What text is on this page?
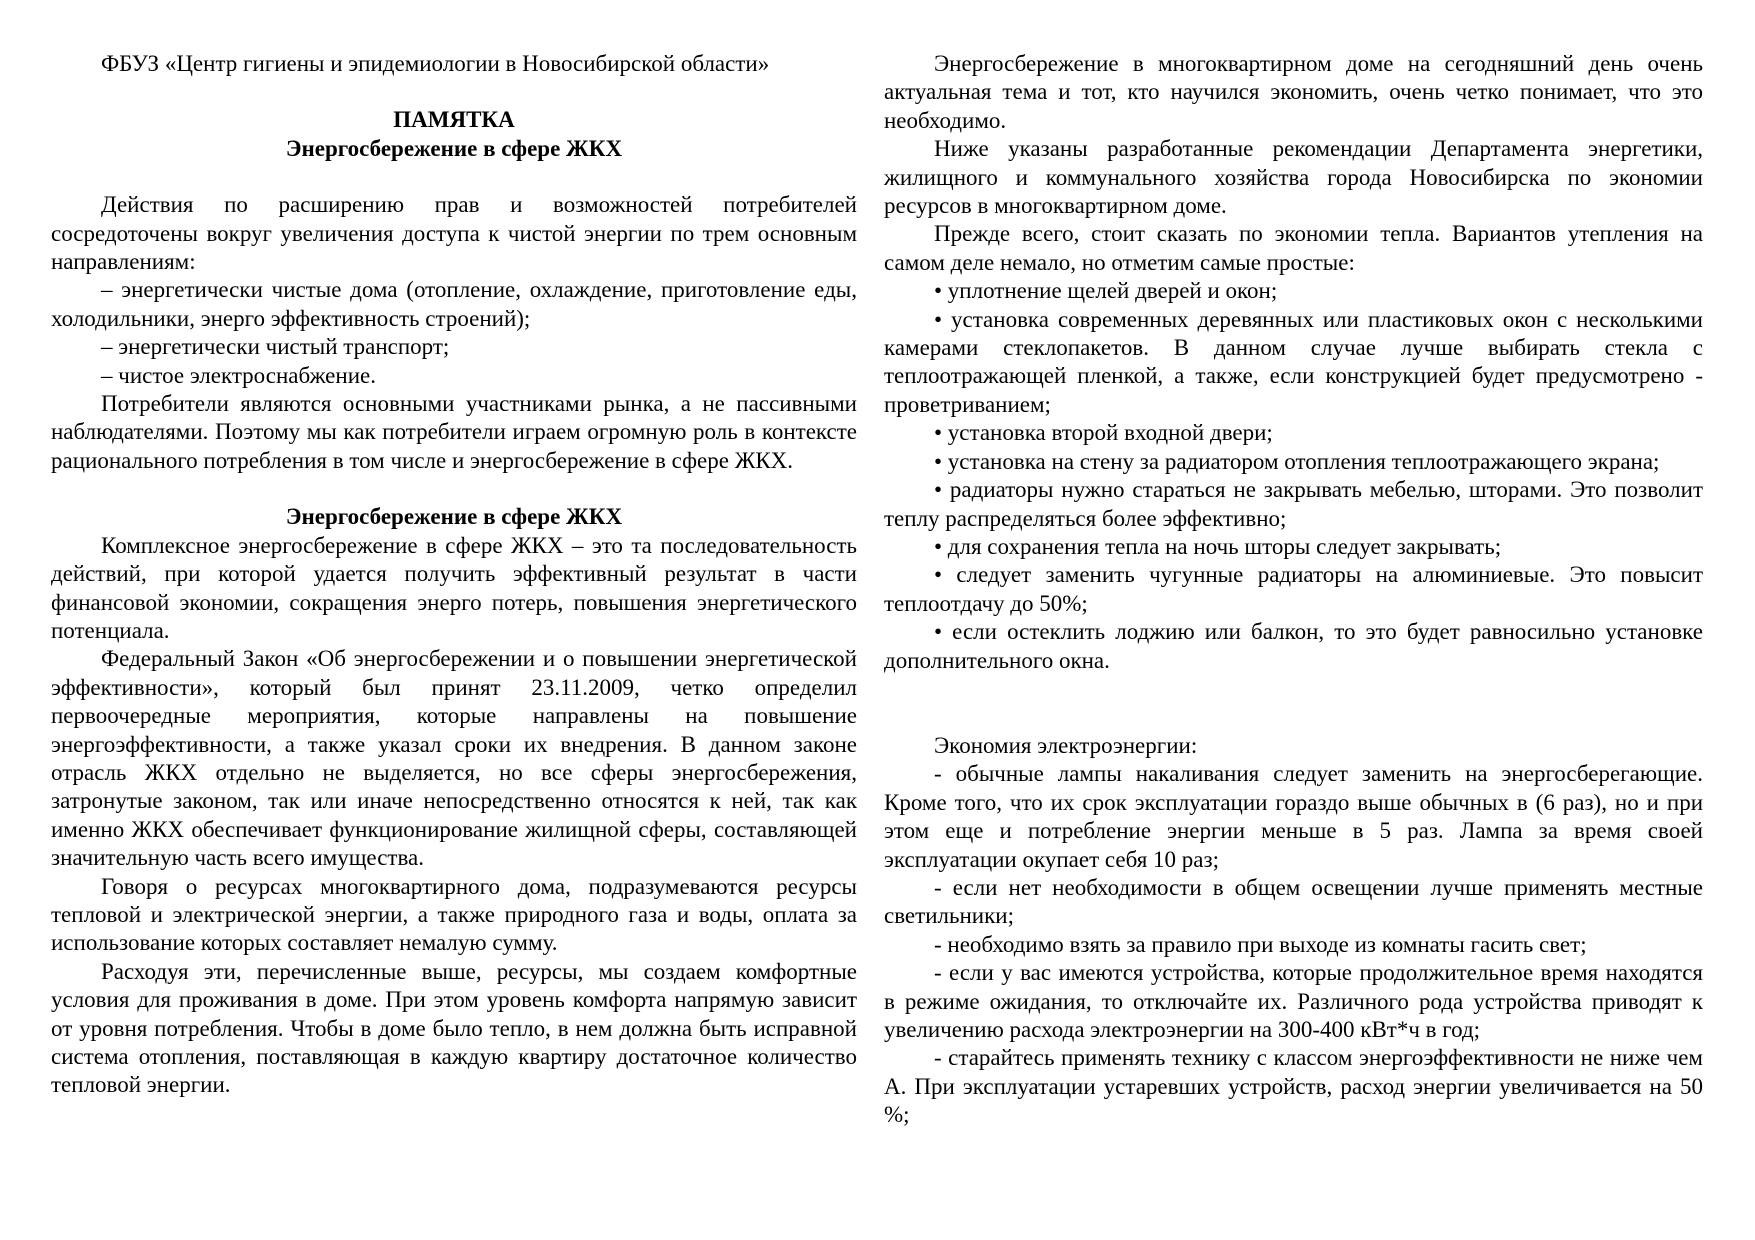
ФБУЗ «Центр гигиены и эпидемиологии в Новосибирской области»

ПАМЯТКА

Энергосбережение в сфере ЖКХ

Действия по расширению прав и возможностей потребителей сосредоточены вокруг увеличения доступа к чистой энергии по трем основным направлениям:

– энергетически чистые дома (отопление, охлаждение, приготовление еды, холодильники, энерго эффективность строений);

– энергетически чистый транспорт;

– чистое электроснабжение.

Потребители являются основными участниками рынка, а не пассивными наблюдателями. Поэтому мы как потребители играем огромную роль в контексте рационального потребления в том числе и энергосбережение в сфере ЖКХ.

Энергосбережение в сфере ЖКХ

Комплексное энергосбережение в сфере ЖКХ – это та последовательность действий, при которой удается получить эффективный результат в части финансовой экономии, сокращения энерго потерь, повышения энергетического потенциала.

Федеральный Закон «Об энергосбережении и о повышении энергетической эффективности», который был принят 23.11.2009, четко определил первоочередные мероприятия, которые направлены на повышение энергоэффективности, а также указал сроки их внедрения. В данном законе отрасль ЖКХ отдельно не выделяется, но все сферы энергосбережения, затронутые законом, так или иначе непосредственно относятся к ней, так как именно ЖКХ обеспечивает функционирование жилищной сферы, составляющей значительную часть всего имущества.

Говоря о ресурсах многоквартирного дома, подразумеваются ресурсы тепловой и электрической энергии, а также природного газа и воды, оплата за использование которых составляет немалую сумму.

Расходуя эти, перечисленные выше, ресурсы, мы создаем комфортные условия для проживания в доме. При этом уровень комфорта напрямую зависит от уровня потребления. Чтобы в доме было тепло, в нем должна быть исправной система отопления, поставляющая в каждую квартиру достаточное количество тепловой энергии.

Энергосбережение в многоквартирном доме на сегодняшний день очень актуальная тема и тот, кто научился экономить, очень четко понимает, что это необходимо.

Ниже указаны разработанные рекомендации Департамента энергетики, жилищного и коммунального хозяйства города Новосибирска по экономии ресурсов в многоквартирном доме.

Прежде всего, стоит сказать по экономии тепла. Вариантов утепления на самом деле немало, но отметим самые простые:

• уплотнение щелей дверей и окон;

• установка современных деревянных или пластиковых окон с несколькими камерами стеклопакетов. В данном случае лучше выбирать стекла с теплоотражающей пленкой, а также, если конструкцией будет предусмотрено - проветриванием;

• установка второй входной двери;

• установка на стену за радиатором отопления теплоотражающего экрана;

• радиаторы нужно стараться не закрывать мебелью, шторами. Это позволит теплу распределяться более эффективно;

• для сохранения тепла на ночь шторы следует закрывать;

• следует заменить чугунные радиаторы на алюминиевые. Это повысит теплоотдачу до 50%;

• если остеклить лоджию или балкон, то это будет равносильно установке дополнительного окна.

Экономия электроэнергии:

- обычные лампы накаливания следует заменить на энергосберегающие. Кроме того, что их срок эксплуатации гораздо выше обычных в (6 раз), но и при этом еще и потребление энергии меньше в 5 раз. Лампа за время своей эксплуатации окупает себя 10 раз;

- если нет необходимости в общем освещении лучше применять местные светильники;

- необходимо взять за правило при выходе из комнаты гасить свет;

- если у вас имеются устройства, которые продолжительное время находятся в режиме ожидания, то отключайте их. Различного рода устройства приводят к увеличению расхода электроэнергии на 300-400 кВт*ч в год;

- старайтесь применять технику с классом энергоэффективности не ниже чем А. При эксплуатации устаревших устройств, расход энергии увеличивается на 50 %;
